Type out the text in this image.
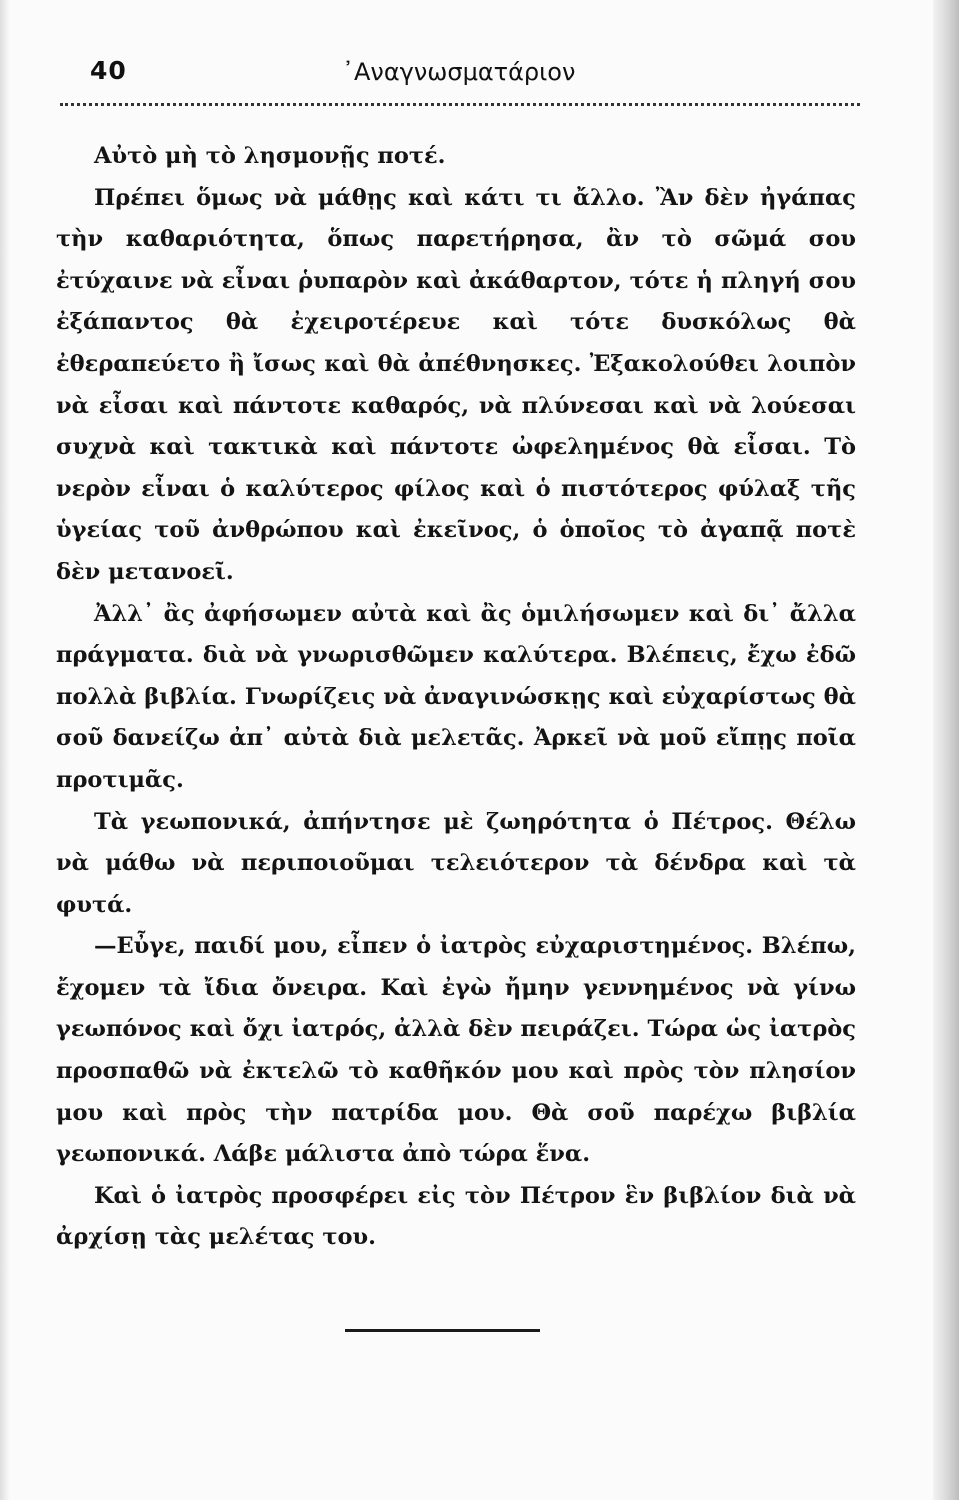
40	᾽Αναγνωσματάριον

Αὐτὸ μὴ τὸ λησμονῇς ποτέ.

Πρέπει ὅμως νὰ μάθῃς καὶ κάτι τι ἄλλο. Ἂν δὲν ἠγάπας τὴν καθαριότητα, ὅπως παρετήρησα, ἂν τὸ σῶμά σου ἐτύχαινε νὰ εἶναι ῥυπαρὸν καὶ ἀκάθαρτον, τότε ἡ πληγή σου ἐξάπαντος θὰ ἐχειροτέρευε καὶ τότε δυσκόλως θὰ ἐθεραπεύετο ἢ ἴσως καὶ θὰ ἀπέθνησκες. Ἐξακολούθει λοιπὸν νὰ εἶσαι καὶ πάντοτε καθαρός, νὰ πλύνεσαι καὶ νὰ λούεσαι συχνὰ καὶ τακτικὰ καὶ πάντοτε ὠφελημένος θὰ εἶσαι. Τὸ νερὸν εἶναι ὁ καλύτερος φίλος καὶ ὁ πιστότερος φύλαξ τῆς ὑγείας τοῦ ἀνθρώπου καὶ ἐκεῖνος, ὁ ὁποῖος τὸ ἀγαπᾷ ποτὲ δὲν μετανοεῖ.

Ἀλλ᾽ ἂς ἀφήσωμεν αὐτὰ καὶ ἂς ὁμιλήσωμεν καὶ δι᾽ ἄλλα πράγματα. διὰ νὰ γνωρισθῶμεν καλύτερα. Βλέπεις, ἔχω ἐδῶ πολλὰ βιβλία. Γνωρίζεις νὰ ἀναγινώσκῃς καὶ εὐχαρίστως θὰ σοῦ δανείζω ἀπ᾽ αὐτὰ διὰ μελετᾶς. Ἀρκεῖ νὰ μοῦ εἴπῃς ποῖα προτιμᾶς.

Τὰ γεωπονικά, ἀπήντησε μὲ ζωηρότητα ὁ Πέτρος. Θέλω νὰ μάθω νὰ περιποιοῦμαι τελειότερον τὰ δένδρα καὶ τὰ φυτά.

—Εὖγε, παιδί μου, εἶπεν ὁ ἰατρὸς εὐχαριστημένος. Βλέπω, ἔχομεν τὰ ἴδια ὄνειρα. Καὶ ἐγὼ ἤμην γεννημένος νὰ γίνω γεωπόνος καὶ ὄχι ἰατρός, ἀλλὰ δὲν πειράζει. Τώρα ὡς ἰατρὸς προσπαθῶ νὰ ἐκτελῶ τὸ καθῆκόν μου καὶ πρὸς τὸν πλησίον μου καὶ πρὸς τὴν πατρίδα μου. Θὰ σοῦ παρέχω βιβλία γεωπονικά. Λάβε μάλιστα ἀπὸ τώρα ἕνα.

Καὶ ὁ ἰατρὸς προσφέρει εἰς τὸν Πέτρον ἓν βιβλίον διὰ νὰ ἀρχίσῃ τὰς μελέτας του.
